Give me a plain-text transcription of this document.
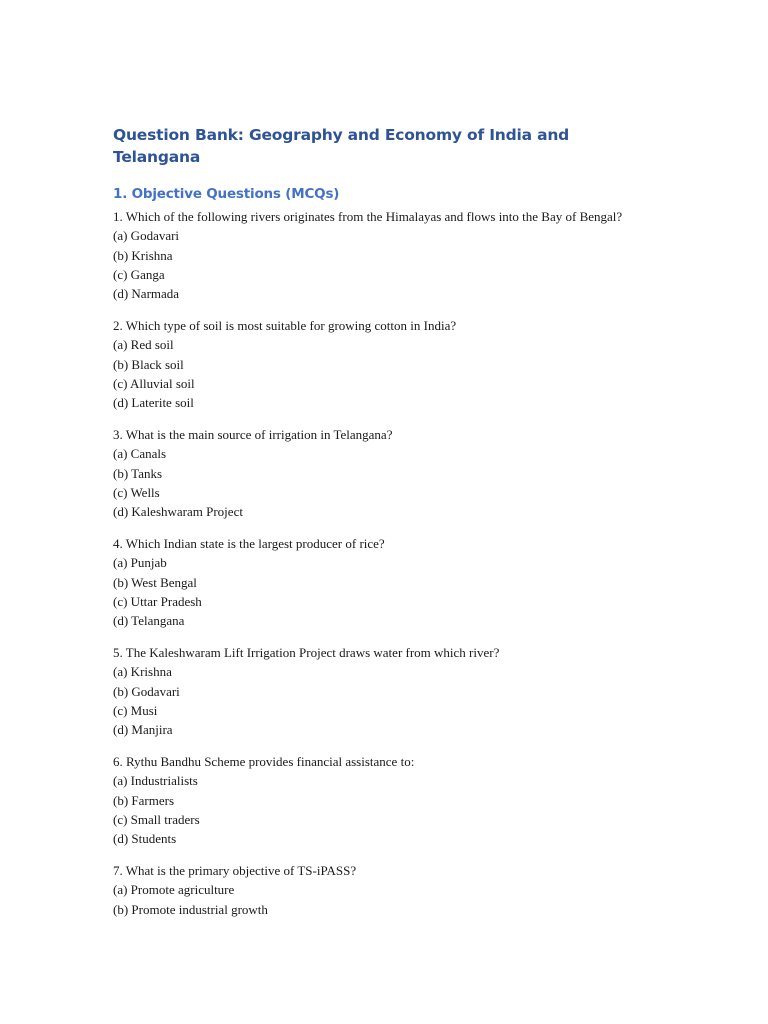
Question Bank: Geography and Economy of India and Telangana
1. Objective Questions (MCQs)

1. Which of the following rivers originates from the Himalayas and flows into the Bay of Bengal?

(a) Godavari

(b) Krishna

(c) Ganga

(d) Narmada

2. Which type of soil is most suitable for growing cotton in India?

(a) Red soil

(b) Black soil

(c) Alluvial soil

(d) Laterite soil

3. What is the main source of irrigation in Telangana?

(a) Canals

(b) Tanks

(c) Wells

(d) Kaleshwaram Project

4. Which Indian state is the largest producer of rice?

(a) Punjab

(b) West Bengal

(c) Uttar Pradesh

(d) Telangana

5. The Kaleshwaram Lift Irrigation Project draws water from which river?

(a) Krishna

(b) Godavari

(c) Musi

(d) Manjira

6. Rythu Bandhu Scheme provides financial assistance to:

(a) Industrialists

(b) Farmers

(c) Small traders

(d) Students

7. What is the primary objective of TS-iPASS?

(a) Promote agriculture

(b) Promote industrial growth
